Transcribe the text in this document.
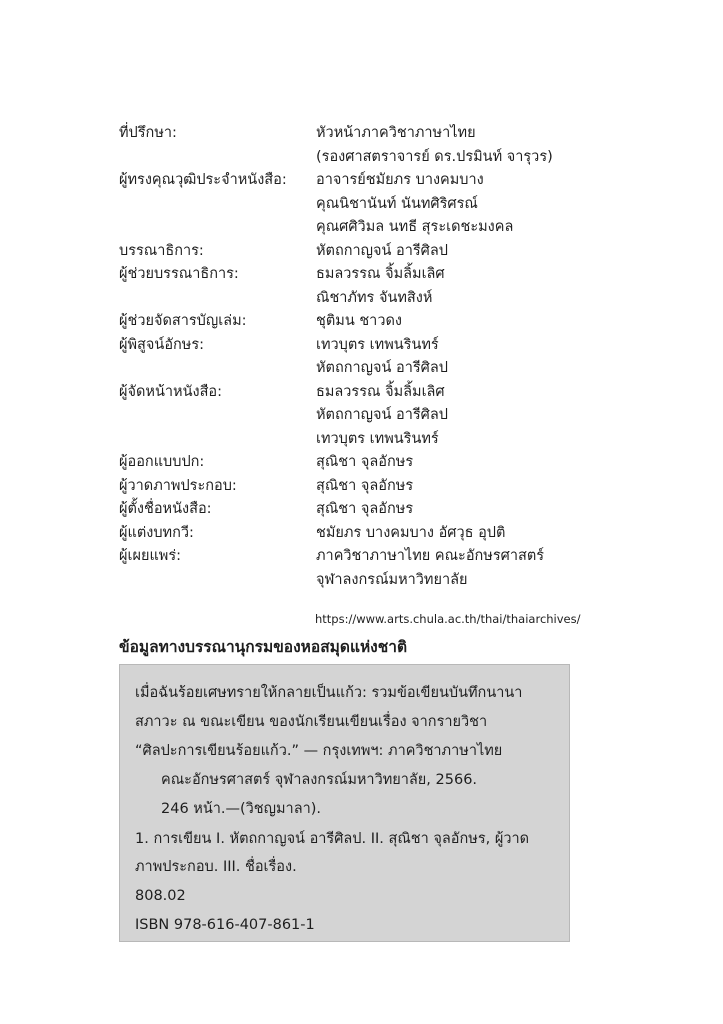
ที่ปรึกษา:	หัวหน้าภาควิชาภาษาไทย
(รองศาสตราจารย์ ดร.ปรมินท์ จารุวร)
ผู้ทรงคุณวุฒิประจำหนังสือ:	อาจารย์ชมัยภร บางคมบาง
คุณนิชานันท์ นันทศิริศรณ์
คุณศศิวิมล นทธี สุระเดชะมงคล
บรรณาธิการ:	หัตถกาญจน์ อารีศิลป
ผู้ช่วยบรรณาธิการ:	ธมลวรรณ จิ้มลิ้มเลิศ
ณิชาภัทร จันทสิงห์
ผู้ช่วยจัดสารบัญเล่ม:	ชุติมน ชาวดง
ผู้พิสูจน์อักษร:	เทวบุตร เทพนรินทร์
หัตถกาญจน์ อารีศิลป
ผู้จัดหน้าหนังสือ:	ธมลวรรณ จิ้มลิ้มเลิศ
หัตถกาญจน์ อารีศิลป
เทวบุตร เทพนรินทร์
ผู้ออกแบบปก:	สุณิชา จุลอักษร
ผู้วาดภาพประกอบ:	สุณิชา จุลอักษร
ผู้ตั้งชื่อหนังสือ:	สุณิชา จุลอักษร
ผู้แต่งบทกวี:	ชมัยภร บางคมบาง อัศวุธ อุปติ
ผู้เผยแพร่:	ภาควิชาภาษาไทย คณะอักษรศาสตร์
จุฬาลงกรณ์มหาวิทยาลัย
https://www.arts.chula.ac.th/thai/thaiarchives/
ข้อมูลทางบรรณานุกรมของหอสมุดแห่งชาติ
เมื่อฉันร้อยเศษทรายให้กลายเป็นแก้ว: รวมข้อเขียนบันทึกนานา
สภาวะ ณ ขณะเขียน ของนักเรียนเขียนเรื่อง จากรายวิชา
“ศิลปะการเขียนร้อยแก้ว.” — กรุงเทพฯ: ภาควิชาภาษาไทย
คณะอักษรศาสตร์ จุฬาลงกรณ์มหาวิทยาลัย, 2566.
246 หน้า.—(วิชญมาลา).
1. การเขียน I. หัตถกาญจน์ อารีศิลป. II. สุณิชา จุลอักษร, ผู้วาด
ภาพประกอบ. III. ชื่อเรื่อง.
808.02
ISBN 978-616-407-861-1
